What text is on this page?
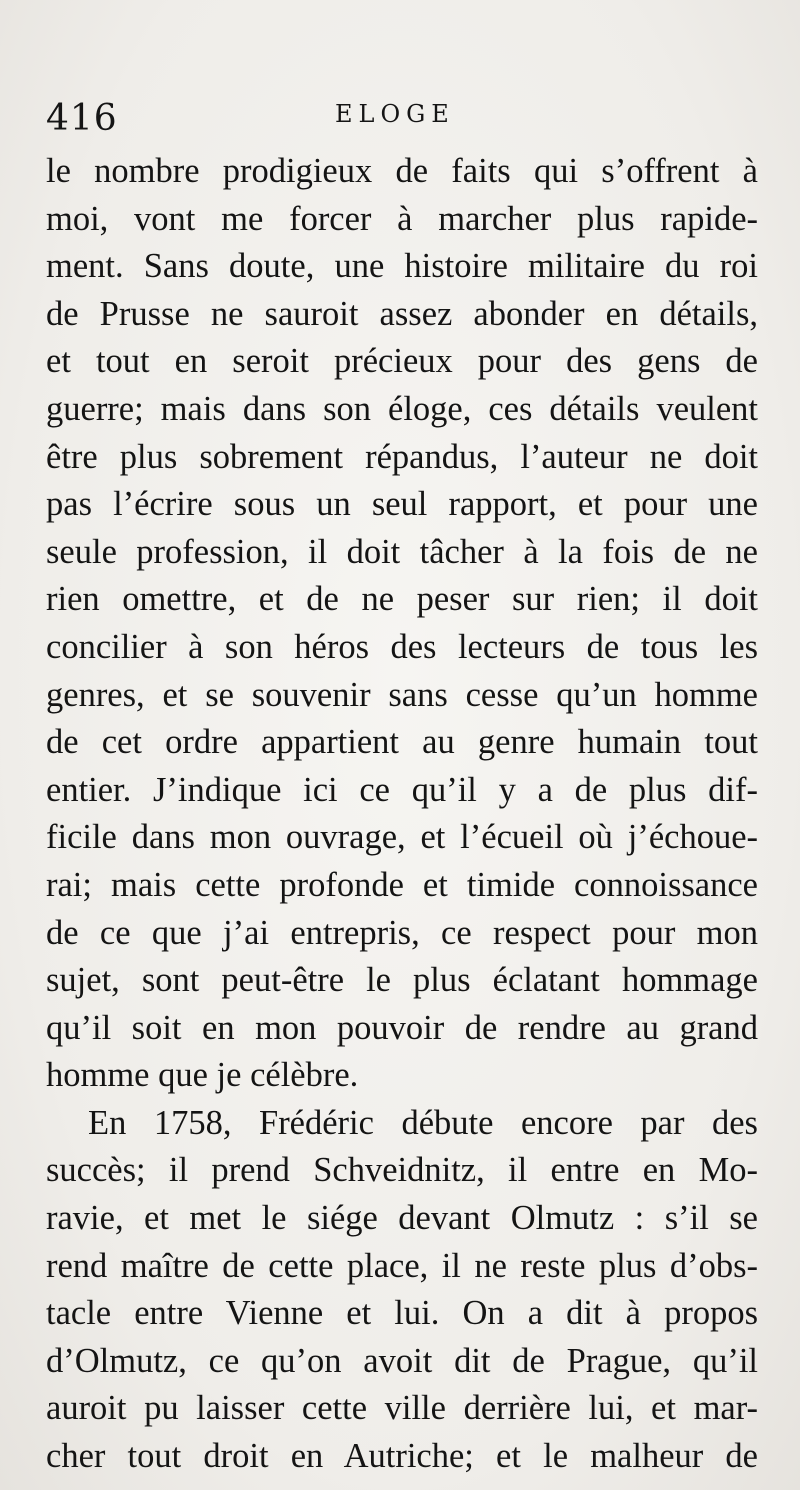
416	ELOGE
le nombre prodigieux de faits qui s’offrent à
moi, vont me forcer à marcher plus rapide-
ment. Sans doute, une histoire militaire du roi
de Prusse ne sauroit assez abonder en détails,
et tout en seroit précieux pour des gens de
guerre; mais dans son éloge, ces détails veulent
être plus sobrement répandus, l’auteur ne doit
pas l’écrire sous un seul rapport, et pour une
seule profession, il doit tâcher à la fois de ne
rien omettre, et de ne peser sur rien; il doit
concilier à son héros des lecteurs de tous les
genres, et se souvenir sans cesse qu’un homme
de cet ordre appartient au genre humain tout
entier. J’indique ici ce qu’il y a de plus dif-
ficile dans mon ouvrage, et l’écueil où j’échoue-
rai; mais cette profonde et timide connoissance
de ce que j’ai entrepris, ce respect pour mon
sujet, sont peut-être le plus éclatant hommage
qu’il soit en mon pouvoir de rendre au grand
homme que je célèbre.
En 1758, Frédéric débute encore par des
succès; il prend Schveidnitz, il entre en Mo-
ravie, et met le siége devant Olmutz : s’il se
rend maître de cette place, il ne reste plus d’obs-
tacle entre Vienne et lui. On a dit à propos
d’Olmutz, ce qu’on avoit dit de Prague, qu’il
auroit pu laisser cette ville derrière lui, et mar-
cher tout droit en Autriche; et le malheur de
